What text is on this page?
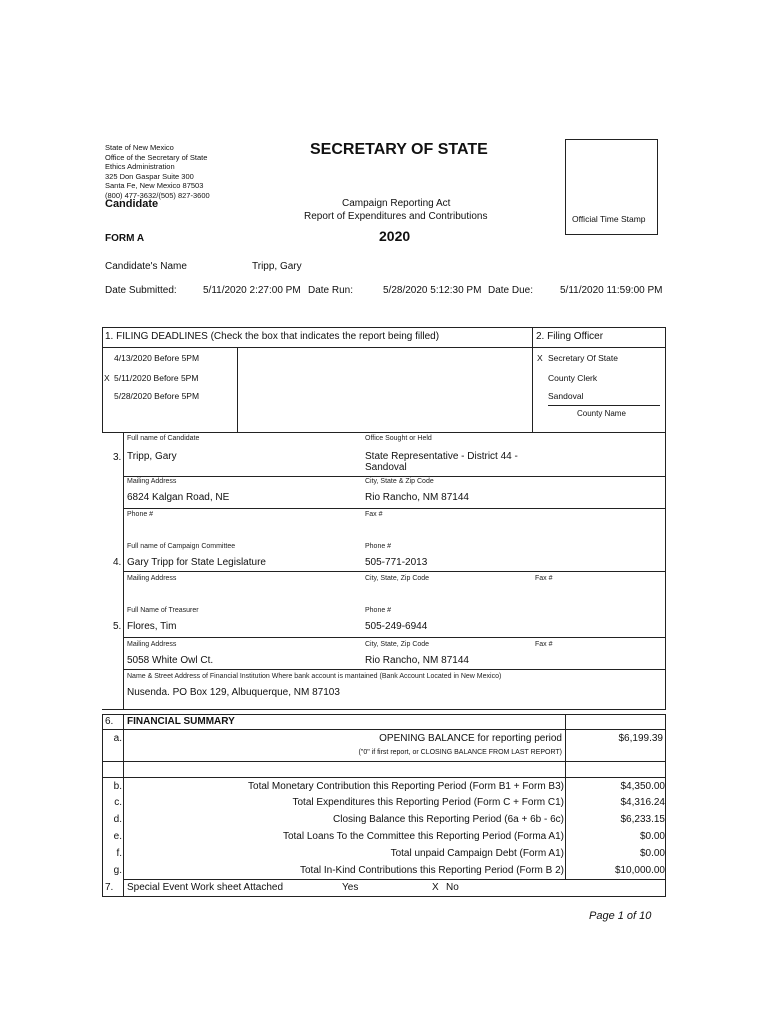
State of New Mexico
Office of the Secretary of State
Ethics Administration
325 Don Gaspar Suite 300
Santa Fe, New Mexico 87503
(800) 477-3632/(505) 827-3600
SECRETARY OF STATE
Official Time Stamp
Candidate	Campaign Reporting Act
Report of Expenditures and Contributions
FORM A	2020
Candidate's Name	Tripp, Gary
Date Submitted:	5/11/2020 2:27:00 PM Date Run:	5/28/2020 5:12:30 PM Date Due:	5/11/2020 11:59:00 PM
1. FILING DEADLINES (Check the box that indicates the report being filled)	2. Filing Officer
4/13/2020 Before 5PM
X 5/11/2020 Before 5PM
5/28/2020 Before 5PM
X Secretary Of State
County Clerk
Sandoval
County Name
Full name of Candidate	Office Sought or Held
3. Tripp, Gary	State Representative - District 44 -
Sandoval
Mailing Address	City, State & Zip Code
6824 Kalgan Road, NE	Rio Rancho, NM 87144
Phone #	Fax #
Full name of Campaign Committee	Phone #
4. Gary Tripp for State Legislature	505-771-2013
Mailing Address	City, State, Zip Code	Fax #
Full Name of Treasurer	Phone #
5. Flores, Tim	505-249-6944
Mailing Address	City, State, Zip Code	Fax #
5058 White Owl Ct.	Rio Rancho, NM 87144
Name & Street Address of Financial Institution Where bank account is mantained (Bank Account Located in New Mexico)
Nusenda. PO Box 129, Albuquerque, NM 87103
6. FINANCIAL SUMMARY
a.	OPENING BALANCE for reporting period	$6,199.39
("0" if first report, or CLOSING BALANCE FROM LAST REPORT)
b.	Total Monetary Contribution this Reporting Period (Form B1 + Form B3)	$4,350.00
c.	Total Expenditures this Reporting Period (Form C + Form C1)	$4,316.24
d.	Closing Balance this Reporting Period (6a + 6b - 6c)	$6,233.15
e.	Total Loans To the Committee this Reporting Period (Forma A1)	$0.00
f.	Total unpaid Campaign Debt (Form A1)	$0.00
g.	Total In-Kind Contributions this Reporting Period (Form B 2)	$10,000.00
7. Special Event Work sheet Attached	Yes	X No
Page 1 of 10
